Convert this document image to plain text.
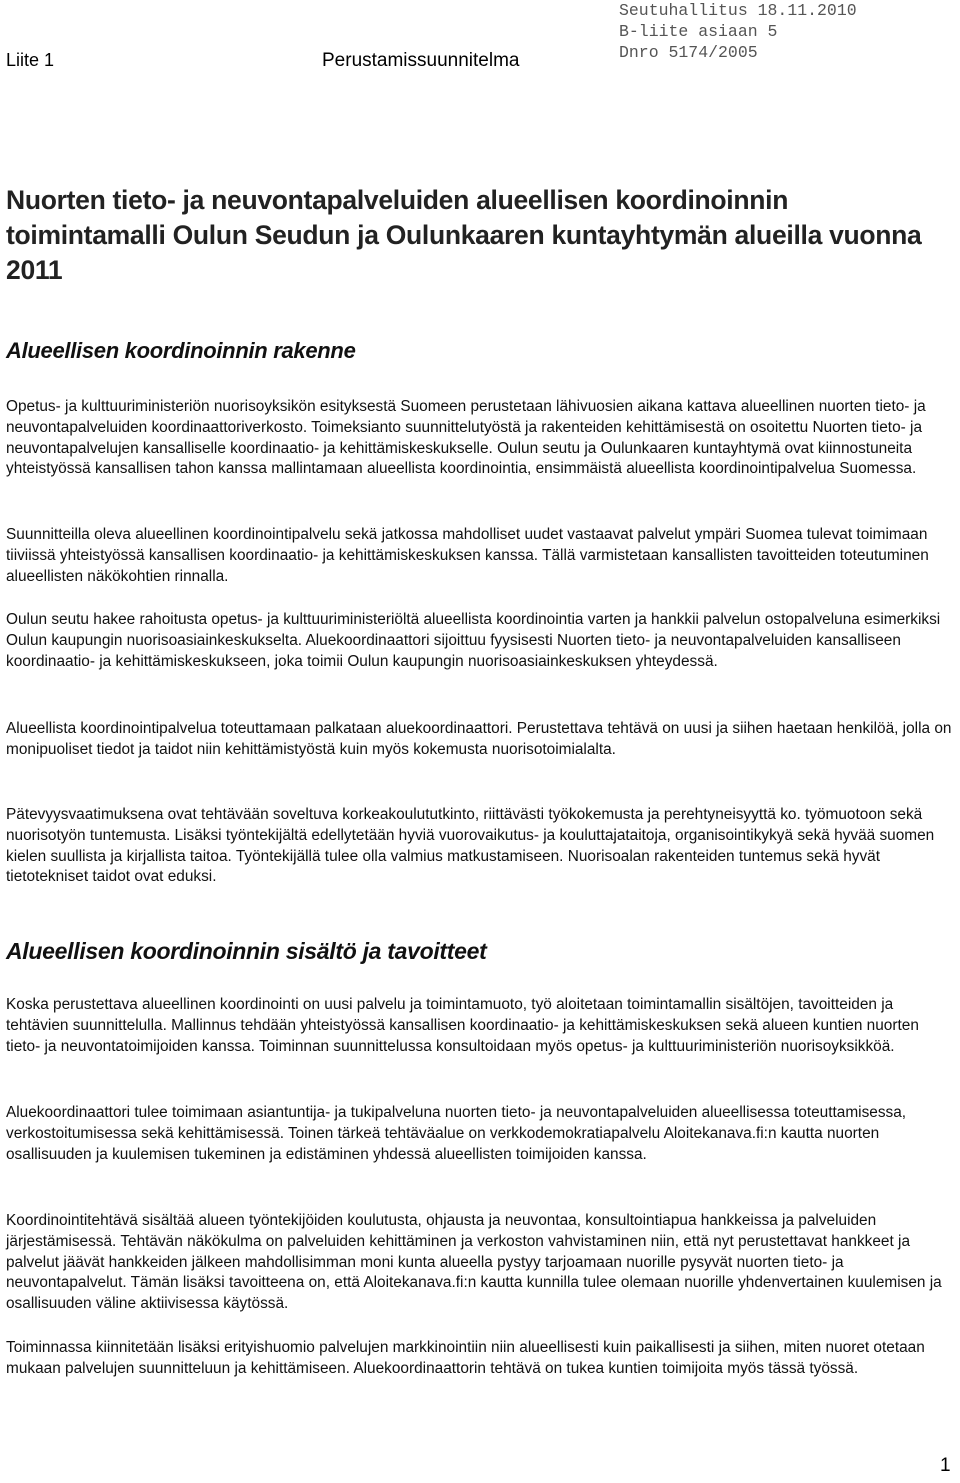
Liite 1	Perustamissuunnitelma
Seutuhallitus 18.11.2010
B-liite asiaan 5
Dnro 5174/2005
Nuorten tieto- ja neuvontapalveluiden alueellisen koordinoinnin toimintamalli Oulun Seudun ja Oulunkaaren kuntayhtymän alueilla vuonna 2011
Alueellisen koordinoinnin rakenne

Opetus- ja kulttuuriministeriön nuorisoyksikön esityksestä Suomeen perustetaan lähivuosien aikana kattava alueellinen nuorten tieto- ja neuvontapalveluiden koordinaattoriverkosto. Toimeksianto suunnittelutyöstä ja rakenteiden kehittämisestä on osoitettu Nuorten tieto- ja neuvontapalvelujen kansalliselle koordinaatio- ja kehittämiskeskukselle. Oulun seutu ja Oulunkaaren kuntayhtymä ovat kiinnostuneita yhteistyössä kansallisen tahon kanssa mallintamaan alueellista koordinointia, ensimmäistä alueellista koordinointipalvelua Suomessa.

Suunnitteilla oleva alueellinen koordinointipalvelu sekä jatkossa mahdolliset uudet vastaavat palvelut ympäri Suomea tulevat toimimaan tiiviissä yhteistyössä kansallisen koordinaatio- ja kehittämiskeskuksen kanssa. Tällä varmistetaan kansallisten tavoitteiden toteutuminen alueellisten näkökohtien rinnalla.

Oulun seutu hakee rahoitusta opetus- ja kulttuuriministeriöltä alueellista koordinointia varten ja hankkii palvelun ostopalveluna esimerkiksi Oulun kaupungin nuorisoasiainkeskukselta. Aluekoordinaattori sijoittuu fyysisesti Nuorten tieto- ja neuvontapalveluiden kansalliseen koordinaatio- ja kehittämiskeskukseen, joka toimii Oulun kaupungin nuorisoasiainkeskuksen yhteydessä.

Alueellista koordinointipalvelua toteuttamaan palkataan aluekoordinaattori. Perustettava tehtävä on uusi ja siihen haetaan henkilöä, jolla on monipuoliset tiedot ja taidot niin kehittämistyöstä kuin myös kokemusta nuorisotoimialalta.

Pätevyysvaatimuksena ovat tehtävään soveltuva korkeakoulututkinto, riittävästi työkokemusta ja perehtyneisyyttä ko. työmuotoon sekä nuorisotyön tuntemusta. Lisäksi työntekijältä edellytetään hyviä vuorovaikutus- ja kouluttajataitoja, organisointikykyä sekä hyvää suomen kielen suullista ja kirjallista taitoa. Työntekijällä tulee olla valmius matkustamiseen. Nuorisoalan rakenteiden tuntemus sekä hyvät tietotekniset taidot ovat eduksi.

Alueellisen koordinoinnin sisältö ja tavoitteet

Koska perustettava alueellinen koordinointi on uusi palvelu ja toimintamuoto, työ aloitetaan toimintamallin sisältöjen, tavoitteiden ja tehtävien suunnittelulla. Mallinnus tehdään yhteistyössä kansallisen koordinaatio- ja kehittämiskeskuksen sekä alueen kuntien nuorten tieto- ja neuvontatoimijoiden kanssa. Toiminnan suunnittelussa konsultoidaan myös opetus- ja kulttuuriministeriön nuorisoyksikköä.

Aluekoordinaattori tulee toimimaan asiantuntija- ja tukipalveluna nuorten tieto- ja neuvontapalveluiden alueellisessa toteuttamisessa, verkostoitumisessa sekä kehittämisessä. Toinen tärkeä tehtäväalue on verkkodemokratiapalvelu Aloitekanava.fi:n kautta nuorten osallisuuden ja kuulemisen tukeminen ja edistäminen yhdessä alueellisten toimijoiden kanssa.

Koordinointitehtävä sisältää alueen työntekijöiden koulutusta, ohjausta ja neuvontaa, konsultointiapua hankkeissa ja palveluiden järjestämisessä. Tehtävän näkökulma on palveluiden kehittäminen ja verkoston vahvistaminen niin, että nyt perustettavat hankkeet ja palvelut jäävät hankkeiden jälkeen mahdollisimman moni kunta alueella pystyy tarjoamaan nuorille pysyvät nuorten tieto- ja neuvontapalvelut. Tämän lisäksi tavoitteena on, että Aloitekanava.fi:n kautta kunnilla tulee olemaan nuorille yhdenvertainen kuulemisen ja osallisuuden väline aktiivisessa käytössä.

Toiminnassa kiinnitetään lisäksi erityishuomio palvelujen markkinointiin niin alueellisesti kuin paikallisesti ja siihen, miten nuoret otetaan mukaan palvelujen suunnitteluun ja kehittämiseen. Aluekoordinaattorin tehtävä on tukea kuntien toimijoita myös tässä työssä.

1
